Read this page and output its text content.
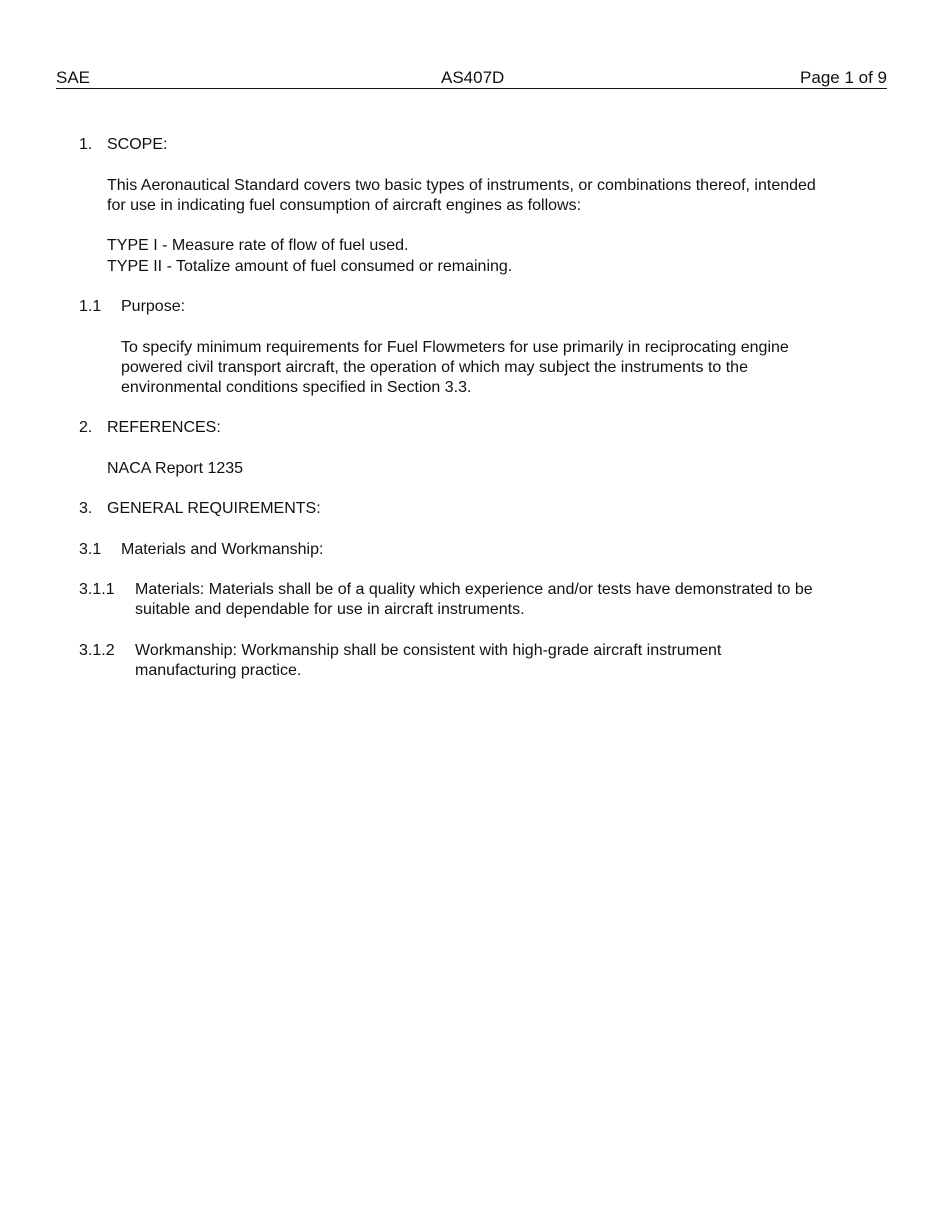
SAE	AS407D	Page 1 of 9
1. SCOPE:
This Aeronautical Standard covers two basic types of instruments, or combinations thereof, intended
for use in indicating fuel consumption of aircraft engines as follows:
TYPE I - Measure rate of flow of fuel used.
TYPE II - Totalize amount of fuel consumed or remaining.
1.1 Purpose:
To specify minimum requirements for Fuel Flowmeters for use primarily in reciprocating engine
powered civil transport aircraft, the operation of which may subject the instruments to the
environmental conditions specified in Section 3.3.
2. REFERENCES:
NACA Report 1235
3. GENERAL REQUIREMENTS:
3.1 Materials and Workmanship:
3.1.1 Materials: Materials shall be of a quality which experience and/or tests have demonstrated to be
suitable and dependable for use in aircraft instruments.
3.1.2 Workmanship: Workmanship shall be consistent with high-grade aircraft instrument
manufacturing practice.
